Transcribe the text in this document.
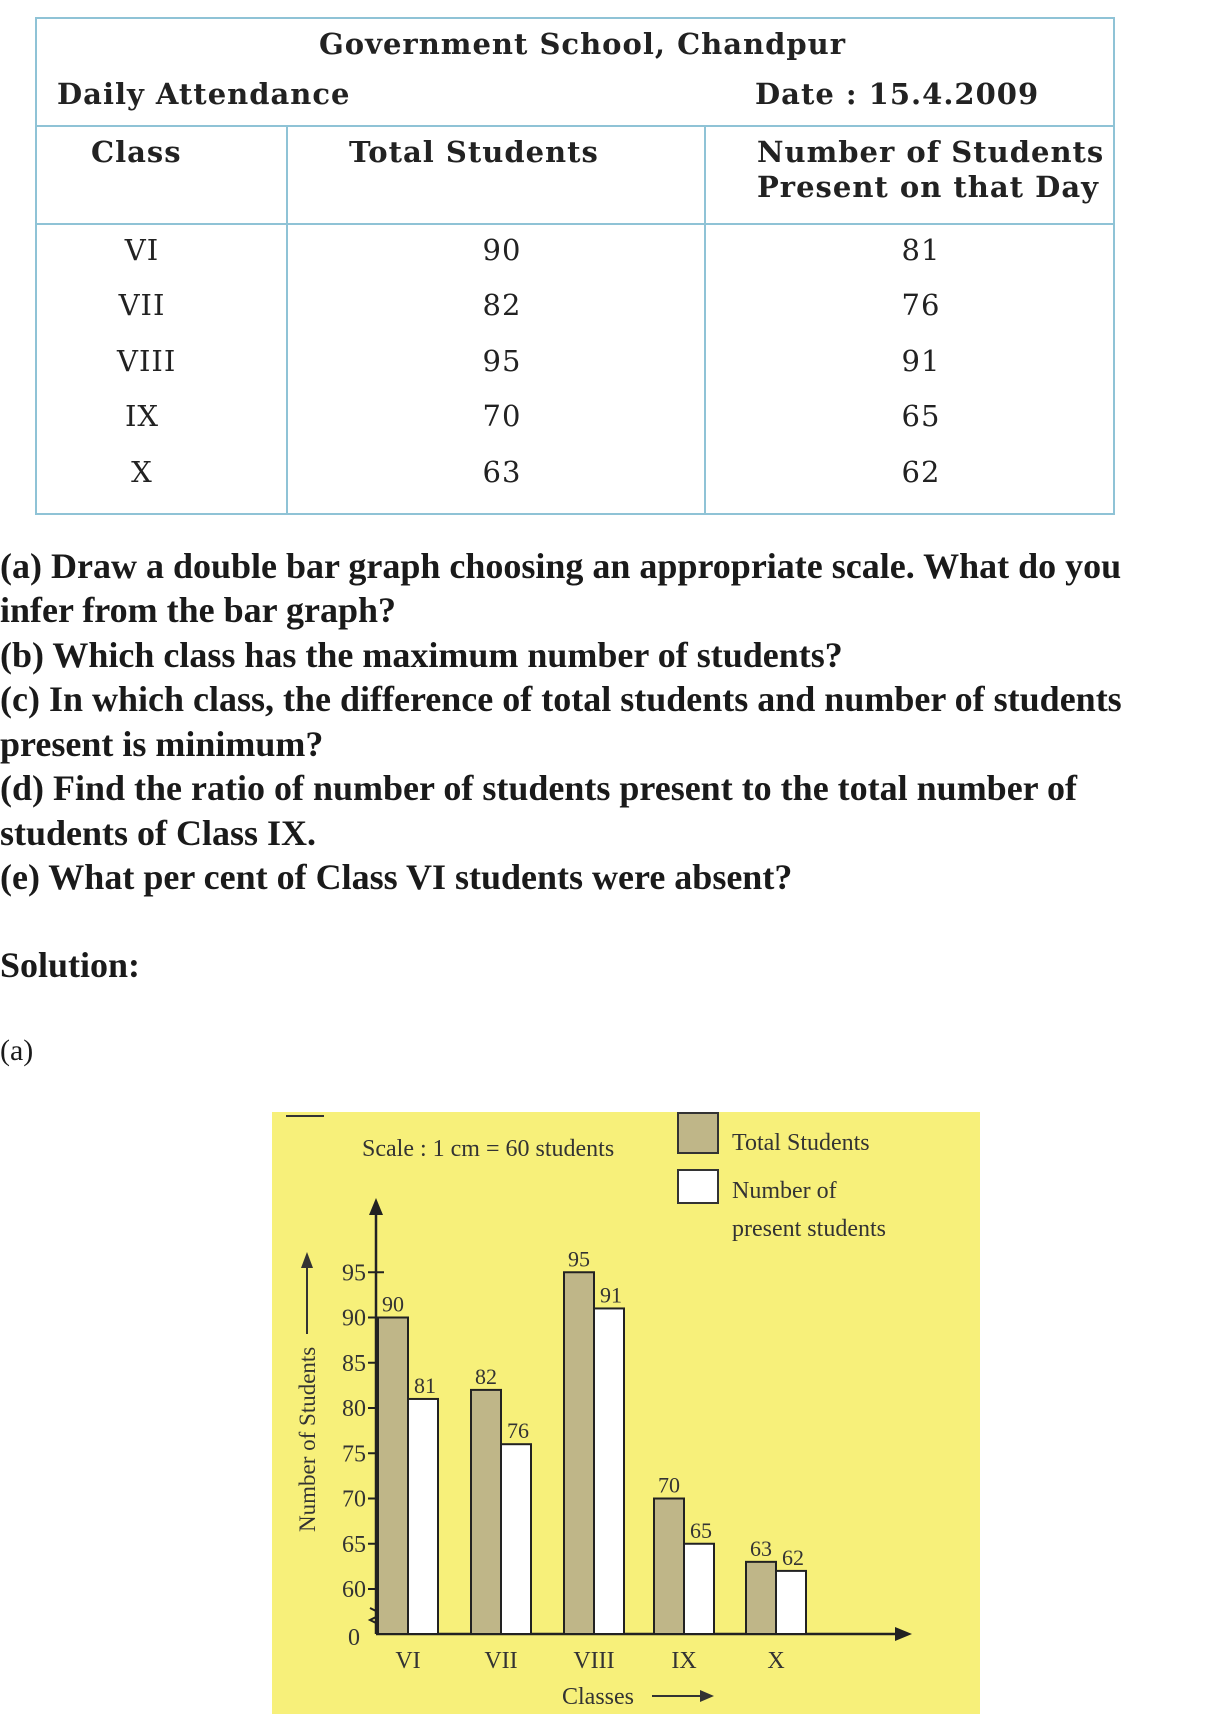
Government School, Chandpur
Daily Attendance	Date : 15.4.2009
Class	Total Students	Number of Students
Present on that Day
VI	90	81
VII	82	76
VIII	95	91
IX	70	65
X	63	62
(a) Draw a double bar graph choosing an appropriate scale. What do you
infer from the bar graph?
(b) Which class has the maximum number of students?
(c) In which class, the difference of total students and number of students
present is minimum?
(d) Find the ratio of number of students present to the total number of
students of Class IX.
(e) What per cent of Class VI students were absent?
Solution:
(a)
Scale : 1 cm = 60 students	Total Students
Number of
present students
0
Number of Students
Classes
95
90
85
80
75
70
65
60
90
81
VI
82
76
VII
95
91
VIII
70
65
IX
63 62
X
